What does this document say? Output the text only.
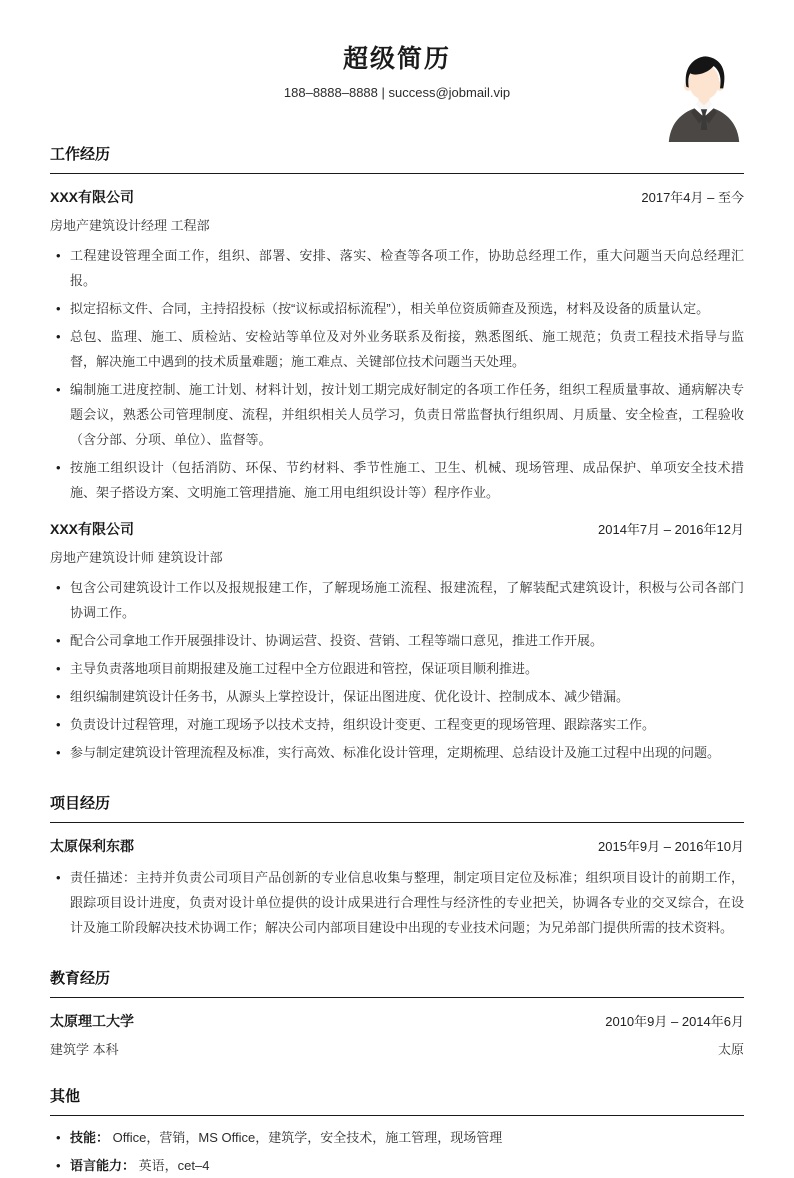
超级简历
188–8888–8888 | success@jobmail.vip
工作经历
XXX有限公司	2017年4月 – 至今
房地产建筑设计经理 工程部
• 工程建设管理全面工作，组织、部署、安排、落实、检查等各项工作，协助总经理工作，重大问题当天向总经理汇报。
• 拟定招标文件、合同，主持招投标（按“议标或招标流程”），相关单位资质筛查及预选，材料及设备的质量认定。
• 总包、监理、施工、质检站、安检站等单位及对外业务联系及衔接，熟悉图纸、施工规范；负责工程技术指导与监督，解决施工中遇到的技术质量难题；施工难点、关键部位技术问题当天处理。
• 编制施工进度控制、施工计划、材料计划，按计划工期完成好制定的各项工作任务，组织工程质量事故、通病解决专题会议，熟悉公司管理制度、流程，并组织相关人员学习，负责日常监督执行组织周、月质量、安全检查，工程验收（含分部、分项、单位）、监督等。
• 按施工组织设计（包括消防、环保、节约材料、季节性施工、卫生、机械、现场管理、成品保护、单项安全技术措施、架子搭设方案、文明施工管理措施、施工用电组织设计等）程序作业。
XXX有限公司	2014年7月 – 2016年12月
房地产建筑设计师 建筑设计部
• 包含公司建筑设计工作以及报规报建工作，了解现场施工流程、报建流程，了解装配式建筑设计，积极与公司各部门协调工作。
• 配合公司拿地工作开展强排设计、协调运营、投资、营销、工程等端口意见，推进工作开展。
• 主导负责落地项目前期报建及施工过程中全方位跟进和管控，保证项目顺利推进。
• 组织编制建筑设计任务书，从源头上掌控设计，保证出图进度、优化设计、控制成本、减少错漏。
• 负责设计过程管理，对施工现场予以技术支持，组织设计变更、工程变更的现场管理、跟踪落实工作。
• 参与制定建筑设计管理流程及标准，实行高效、标准化设计管理，定期梳理、总结设计及施工过程中出现的问题。
项目经历
太原保利东郡	2015年9月 – 2016年10月
• 责任描述：主持并负责公司项目产品创新的专业信息收集与整理，制定项目定位及标准；组织项目设计的前期工作，跟踪项目设计进度，负责对设计单位提供的设计成果进行合理性与经济性的专业把关，协调各专业的交叉综合，在设计及施工阶段解决技术协调工作；解决公司内部项目建设中出现的专业技术问题；为兄弟部门提供所需的技术资料。
教育经历
太原理工大学	2010年9月 – 2014年6月
建筑学 本科	太原
其他
• 技能： Office，营销，MS Office，建筑学，安全技术，施工管理，现场管理
• 语言能力： 英语，cet–4
